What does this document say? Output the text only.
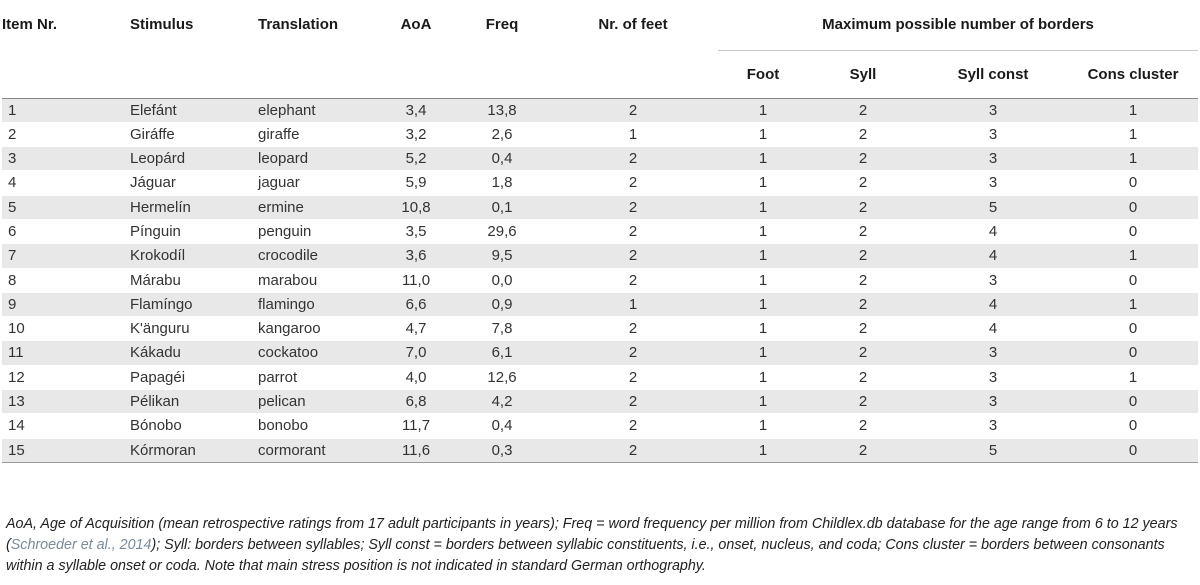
Item Nr.	Stimulus	Translation	AoA	Freq	Nr. of feet	Maximum possible number of borders			
						Foot	Syll	Syll const	Cons cluster
1	Elefánt	elephant	3,4	13,8	2	1	2	3	1
2	Giráffe	giraffe	3,2	2,6	1	1	2	3	1
3	Leopárd	leopard	5,2	0,4	2	1	2	3	1
4	Jáguar	jaguar	5,9	1,8	2	1	2	3	0
5	Hermelín	ermine	10,8	0,1	2	1	2	5	0
6	Pínguin	penguin	3,5	29,6	2	1	2	4	0
7	Krokodíl	crocodile	3,6	9,5	2	1	2	4	1
8	Márabu	marabou	11,0	0,0	2	1	2	3	0
9	Flamíngo	flamingo	6,6	0,9	1	1	2	4	1
10	K'änguru	kangaroo	4,7	7,8	2	1	2	4	0
11	Kákadu	cockatoo	7,0	6,1	2	1	2	3	0
12	Papagéi	parrot	4,0	12,6	2	1	2	3	1
13	Pélikan	pelican	6,8	4,2	2	1	2	3	0
14	Bónobo	bonobo	11,7	0,4	2	1	2	3	0
15	Kórmoran	cormorant	11,6	0,3	2	1	2	5	0
AoA, Age of Acquisition (mean retrospective ratings from 17 adult participants in years); Freq = word frequency per million from Childlex.db database for the age range from 6 to 12 years (Schroeder et al., 2014); Syll: borders between syllables; Syll const = borders between syllabic constituents, i.e., onset, nucleus, and coda; Cons cluster = borders between consonants within a syllable onset or coda. Note that main stress position is not indicated in standard German orthography.
